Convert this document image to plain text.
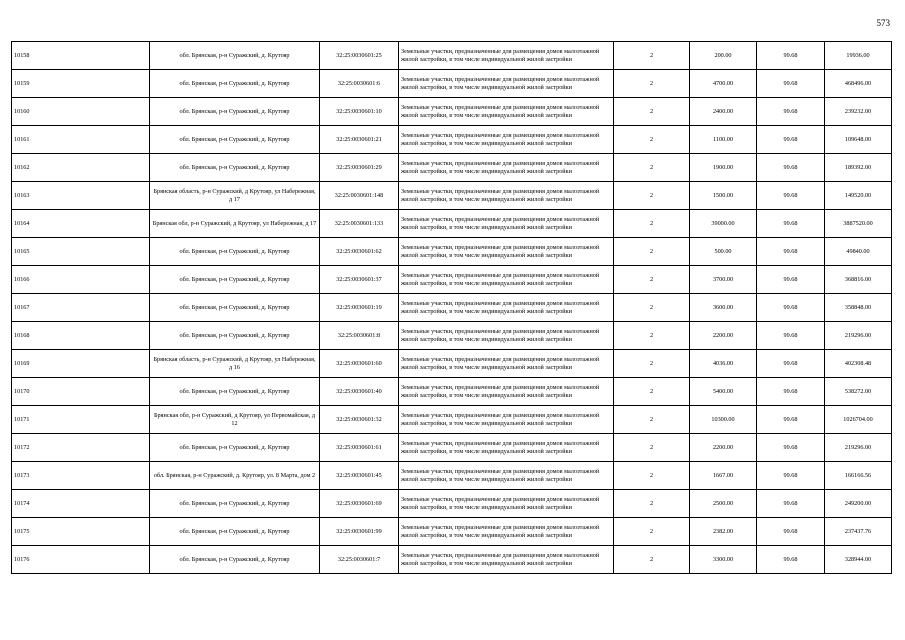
573
10158	обл. Брянская, р-н Суражский, д. Крутояр	32:25:0030601:25	Земельные участки, предназначенные для размещения домов малоэтажной жилой застройки, в том числе индивидуальной жилой застройки	2	200.00	99.68	19936.00
10159	обл. Брянская, р-н Суражский, д. Крутояр	32:25:0030601:6	Земельные участки, предназначенные для размещения домов малоэтажной жилой застройки, в том числе индивидуальной жилой застройки	2	4700.00	99.68	468496.00
10160	обл. Брянская, р-н Суражский, д. Крутояр	32:25:0030601:10	Земельные участки, предназначенные для размещения домов малоэтажной жилой застройки, в том числе индивидуальной жилой застройки	2	2400.00	99.68	239232.00
10161	обл. Брянская, р-н Суражский, д. Крутояр	32:25:0030601:21	Земельные участки, предназначенные для размещения домов малоэтажной жилой застройки, в том числе индивидуальной жилой застройки	2	1100.00	99.68	109648.00
10162	обл. Брянская, р-н Суражский, д. Крутояр	32:25:0030601:29	Земельные участки, предназначенные для размещения домов малоэтажной жилой застройки, в том числе индивидуальной жилой застройки	2	1900.00	99.68	189392.00
10163	Брянская область, р-н Суражский, д Крутояр, ул Набережная, д 17	32:25:0030601:148	Земельные участки, предназначенные для размещения домов малоэтажной жилой застройки, в том числе индивидуальной жилой застройки	2	1500.00	99.68	149520.00
10164	Брянская обл, р-н Суражский, д Крутояр, ул Набережная, д 17	32:25:0030601:133	Земельные участки, предназначенные для размещения домов малоэтажной жилой застройки, в том числе индивидуальной жилой застройки	2	39000.00	99.68	3887520.00
10165	обл. Брянская, р-н Суражский, д. Крутояр	32:25:0030601:62	Земельные участки, предназначенные для размещения домов малоэтажной жилой застройки, в том числе индивидуальной жилой застройки	2	500.00	99.68	49840.00
10166	обл. Брянская, р-н Суражский, д. Крутояр	32:25:0030601:37	Земельные участки, предназначенные для размещения домов малоэтажной жилой застройки, в том числе индивидуальной жилой застройки	2	3700.00	99.68	368816.00
10167	обл. Брянская, р-н Суражский, д. Крутояр	32:25:0030601:19	Земельные участки, предназначенные для размещения домов малоэтажной жилой застройки, в том числе индивидуальной жилой застройки	2	3600.00	99.68	358848.00
10168	обл. Брянская, р-н Суражский, д. Крутояр	32:25:0030601:8	Земельные участки, предназначенные для размещения домов малоэтажной жилой застройки, в том числе индивидуальной жилой застройки	2	2200.00	99.68	219296.00
10169	Брянская область, р-н Суражский, д Крутояр, ул Набережная, д 16	32:25:0030601:60	Земельные участки, предназначенные для размещения домов малоэтажной жилой застройки, в том числе индивидуальной жилой застройки	2	4036.00	99.68	402308.48
10170	обл. Брянская, р-н Суражский, д. Крутояр	32:25:0030601:40	Земельные участки, предназначенные для размещения домов малоэтажной жилой застройки, в том числе индивидуальной жилой застройки	2	5400.00	99.68	538272.00
10171	Брянская обл, р-н Суражский, д Крутояр, ул Первомайская, д 12	32:25:0030601:32	Земельные участки, предназначенные для размещения домов малоэтажной жилой застройки, в том числе индивидуальной жилой застройки	2	10300.00	99.68	1026704.00
10172	обл. Брянская, р-н Суражский, д. Крутояр	32:25:0030601:61	Земельные участки, предназначенные для размещения домов малоэтажной жилой застройки, в том числе индивидуальной жилой застройки	2	2200.00	99.68	219296.00
10173	обл. Брянская, р-н Суражский, д. Крутояр, ул. 8 Марта, дом 2	32:25:0030601:45	Земельные участки, предназначенные для размещения домов малоэтажной жилой застройки, в том числе индивидуальной жилой застройки	2	1667.00	99.68	166166.56
10174	обл. Брянская, р-н Суражский, д. Крутояр	32:25:0030601:69	Земельные участки, предназначенные для размещения домов малоэтажной жилой застройки, в том числе индивидуальной жилой застройки	2	2500.00	99.68	249200.00
10175	обл. Брянская, р-н Суражский, д. Крутояр	32:25:0030601:99	Земельные участки, предназначенные для размещения домов малоэтажной жилой застройки, в том числе индивидуальной жилой застройки	2	2382.00	99.68	237437.76
10176	обл. Брянская, р-н Суражский, д. Крутояр	32:25:0030601:7	Земельные участки, предназначенные для размещения домов малоэтажной жилой застройки, в том числе индивидуальной жилой застройки	2	3300.00	99.68	328944.00
